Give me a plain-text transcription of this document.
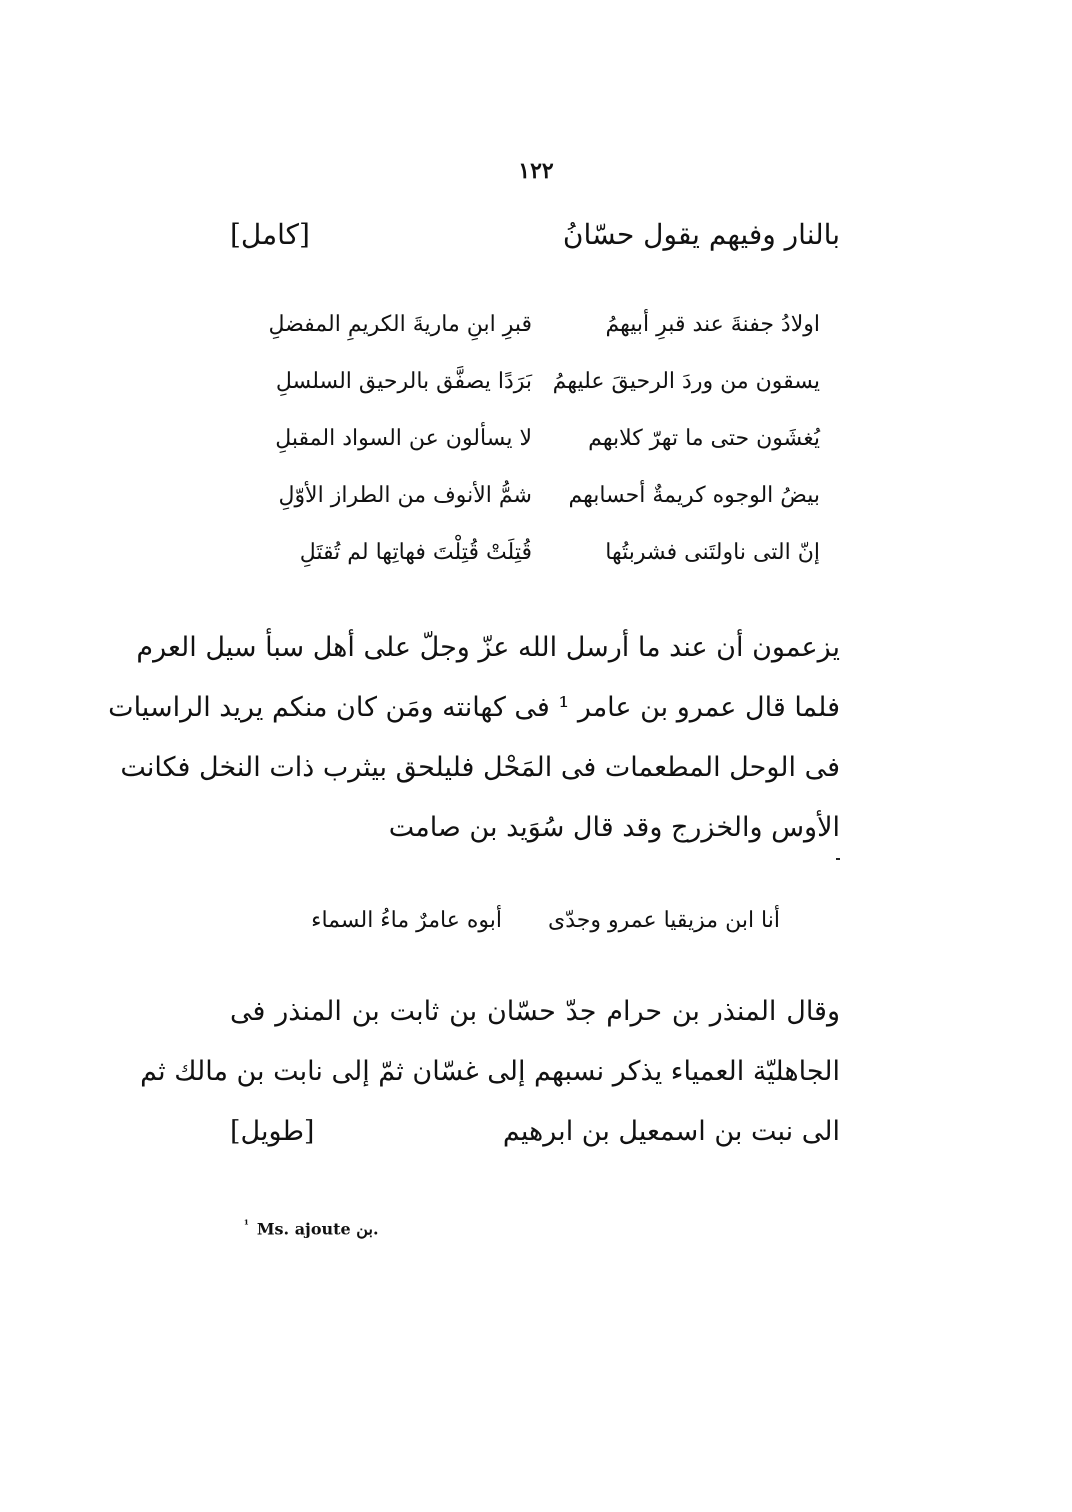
١٢٢
بالنار وفيهم يقول حسّانُ
[كامل]
اولادُ جفنةَ عند قبرِ أبيهمُ
قبرِ ابنِ ماريةَ الكريمِ المفضلِ
يسقون من وردَ الرحيقَ عليهمُ
بَرَدًا يصفَّق بالرحيق السلسلِ
يُغشَون حتى ما تهرّ كلابهم
لا يسألون عن السواد المقبلِ
بيضُ الوجوه كريمةٌ أحسابهم
شمُّ الأنوف من الطراز الأوّلِ
إنّ التى ناولتَنى فشربتُها
قُتِلَتْ قُتِلْتَ فهاتِها لم تُقتَلِ
يزعمون أن عند ما أرسل الله عزّ وجلّ على أهل سبأ سيل العرم
فلما قال عمرو بن عامر ¹ فى كهانته ومَن كان منكم يريد الراسيات
فى الوحل المطعمات فى المَحْل فليلحق بيثرب ذات النخل فكانت
الأوس والخزرج وقد قال سُوَيد بن صامت
أنا ابن مزيقيا عمرو وجدّى
أبوه عامرٌ ماءُ السماء
وقال المنذر بن حرام جدّ حسّان بن ثابت بن المنذر فى
الجاهليّة العمياء يذكر نسبهم إلى غسّان ثمّ إلى نابت بن مالك ثم
الى نبت بن اسمعيل بن ابرهيم
[طويل]
$^{^1}$ Ms. ajoute بن.
